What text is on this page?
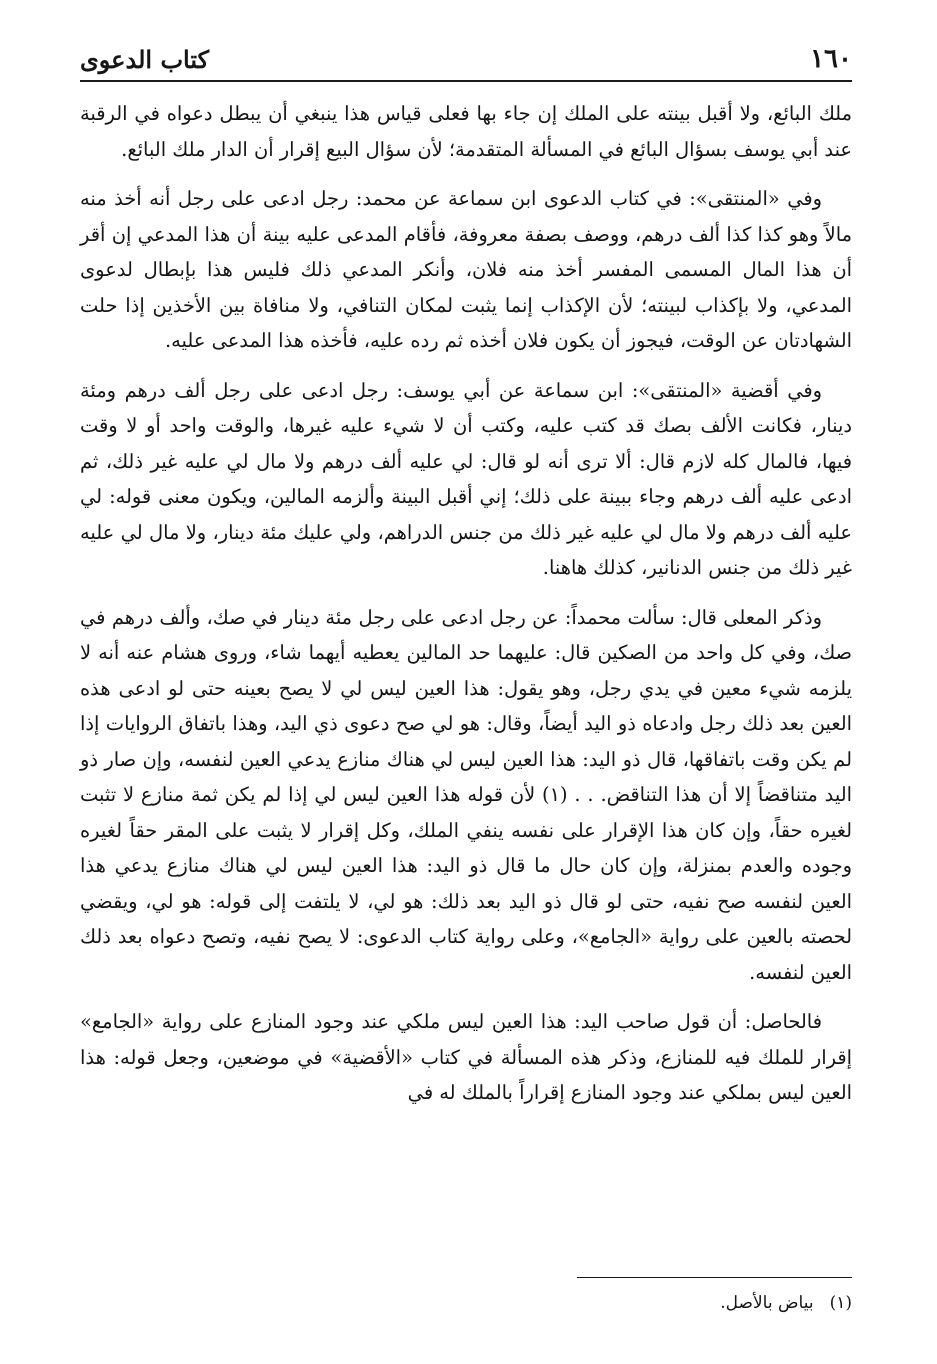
١٦٠
كتاب الدعوى

ملك البائع، ولا أقبل بينته على الملك إن جاء بها فعلى قياس هذا ينبغي أن يبطل دعواه في الرقبة عند أبي يوسف بسؤال البائع في المسألة المتقدمة؛ لأن سؤال البيع إقرار أن الدار ملك البائع.

وفي «المنتقى»: في كتاب الدعوى ابن سماعة عن محمد: رجل ادعى على رجل أنه أخذ منه مالاً وهو كذا كذا ألف درهم، ووصف بصفة معروفة، فأقام المدعى عليه بينة أن هذا المدعي إن أقر أن هذا المال المسمى المفسر أخذ منه فلان، وأنكر المدعي ذلك فليس هذا بإبطال لدعوى المدعي، ولا بإكذاب لبينته؛ لأن الإكذاب إنما يثبت لمكان التنافي، ولا منافاة بين الأخذين إذا حلت الشهادتان عن الوقت، فيجوز أن يكون فلان أخذه ثم رده عليه، فأخذه هذا المدعى عليه.

وفي أقضية «المنتقى»: ابن سماعة عن أبي يوسف: رجل ادعى على رجل ألف درهم ومئة دينار، فكانت الألف بصك قد كتب عليه، وكتب أن لا شيء عليه غيرها، والوقت واحد أو لا وقت فيها، فالمال كله لازم قال: ألا ترى أنه لو قال: لي عليه ألف درهم ولا مال لي عليه غير ذلك، ثم ادعى عليه ألف درهم وجاء ببينة على ذلك؛ إني أقبل البينة وألزمه المالين، ويكون معنى قوله: لي عليه ألف درهم ولا مال لي عليه غير ذلك من جنس الدراهم، ولي عليك مئة دينار، ولا مال لي عليه غير ذلك من جنس الدنانير، كذلك هاهنا.

وذكر المعلى قال: سألت محمداً: عن رجل ادعى على رجل مئة دينار في صك، وألف درهم في صك، وفي كل واحد من الصكين قال: عليهما حد المالين يعطيه أيهما شاء، وروى هشام عنه أنه لا يلزمه شيء معين في يدي رجل، وهو يقول: هذا العين ليس لي لا يصح بعينه حتى لو ادعى هذه العين بعد ذلك رجل وادعاه ذو اليد أيضاً، وقال: هو لي صح دعوى ذي اليد، وهذا باتفاق الروايات إذا لم يكن وقت باتفاقها، قال ذو اليد: هذا العين ليس لي هناك منازع يدعي العين لنفسه، وإن صار ذو اليد متناقضاً إلا أن هذا التناقض. . . (١) لأن قوله هذا العين ليس لي إذا لم يكن ثمة منازع لا تثبت لغيره حقاً، وإن كان هذا الإقرار على نفسه ينفي الملك، وكل إقرار لا يثبت على المقر حقاً لغيره وجوده والعدم بمنزلة، وإن كان حال ما قال ذو اليد: هذا العين ليس لي هناك منازع يدعي هذا العين لنفسه صح نفيه، حتى لو قال ذو اليد بعد ذلك: هو لي، لا يلتفت إلى قوله: هو لي، ويقضي لحصته بالعين على رواية «الجامع»، وعلى رواية كتاب الدعوى: لا يصح نفيه، وتصح دعواه بعد ذلك العين لنفسه.

فالحاصل: أن قول صاحب اليد: هذا العين ليس ملكي عند وجود المنازع على رواية «الجامع» إقرار للملك فيه للمنازع، وذكر هذه المسألة في كتاب «الأقضية» في موضعين، وجعل قوله: هذا العين ليس بملكي عند وجود المنازع إقراراً بالملك له في

(١)
بياض بالأصل.
